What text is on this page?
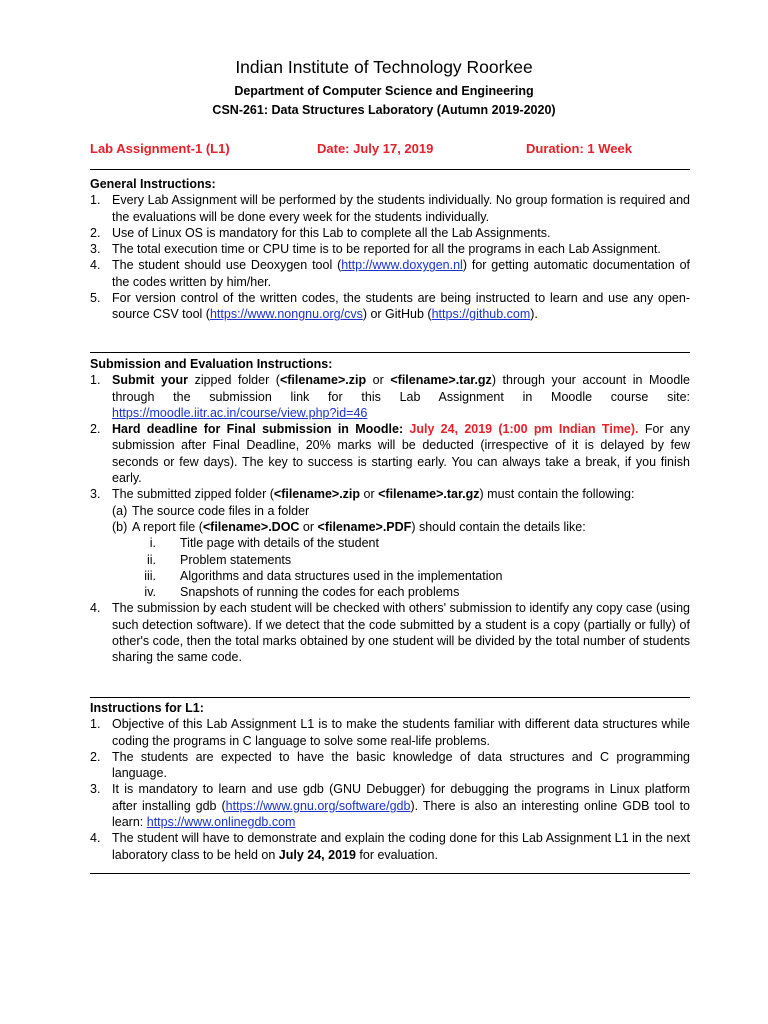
Indian Institute of Technology Roorkee
Department of Computer Science and Engineering
CSN-261: Data Structures Laboratory (Autumn 2019-2020)
Lab Assignment-1 (L1)	Date: July 17, 2019	Duration: 1 Week
General Instructions:
1. Every Lab Assignment will be performed by the students individually. No group formation is required and the evaluations will be done every week for the students individually.
2. Use of Linux OS is mandatory for this Lab to complete all the Lab Assignments.
3. The total execution time or CPU time is to be reported for all the programs in each Lab Assignment.
4. The student should use Deoxygen tool (http://www.doxygen.nl) for getting automatic documentation of the codes written by him/her.
5. For version control of the written codes, the students are being instructed to learn and use any open-source CSV tool (https://www.nongnu.org/cvs) or GitHub (https://github.com).
Submission and Evaluation Instructions:
1. Submit your zipped folder (<filename>.zip or <filename>.tar.gz) through your account in Moodle through the submission link for this Lab Assignment in Moodle course site: https://moodle.iitr.ac.in/course/view.php?id=46
2. Hard deadline for Final submission in Moodle: July 24, 2019 (1:00 pm Indian Time). For any submission after Final Deadline, 20% marks will be deducted (irrespective of it is delayed by few seconds or few days). The key to success is starting early. You can always take a break, if you finish early.
3. The submitted zipped folder (<filename>.zip or <filename>.tar.gz) must contain the following:
(a) The source code files in a folder
(b) A report file (<filename>.DOC or <filename>.PDF) should contain the details like:
i. Title page with details of the student
ii. Problem statements
iii. Algorithms and data structures used in the implementation
iv. Snapshots of running the codes for each problems
4. The submission by each student will be checked with others' submission to identify any copy case (using such detection software). If we detect that the code submitted by a student is a copy (partially or fully) of other's code, then the total marks obtained by one student will be divided by the total number of students sharing the same code.
Instructions for L1:
1. Objective of this Lab Assignment L1 is to make the students familiar with different data structures while coding the programs in C language to solve some real-life problems.
2. The students are expected to have the basic knowledge of data structures and C programming language.
3. It is mandatory to learn and use gdb (GNU Debugger) for debugging the programs in Linux platform after installing gdb (https://www.gnu.org/software/gdb). There is also an interesting online GDB tool to learn: https://www.onlinegdb.com
4. The student will have to demonstrate and explain the coding done for this Lab Assignment L1 in the next laboratory class to be held on July 24, 2019 for evaluation.
